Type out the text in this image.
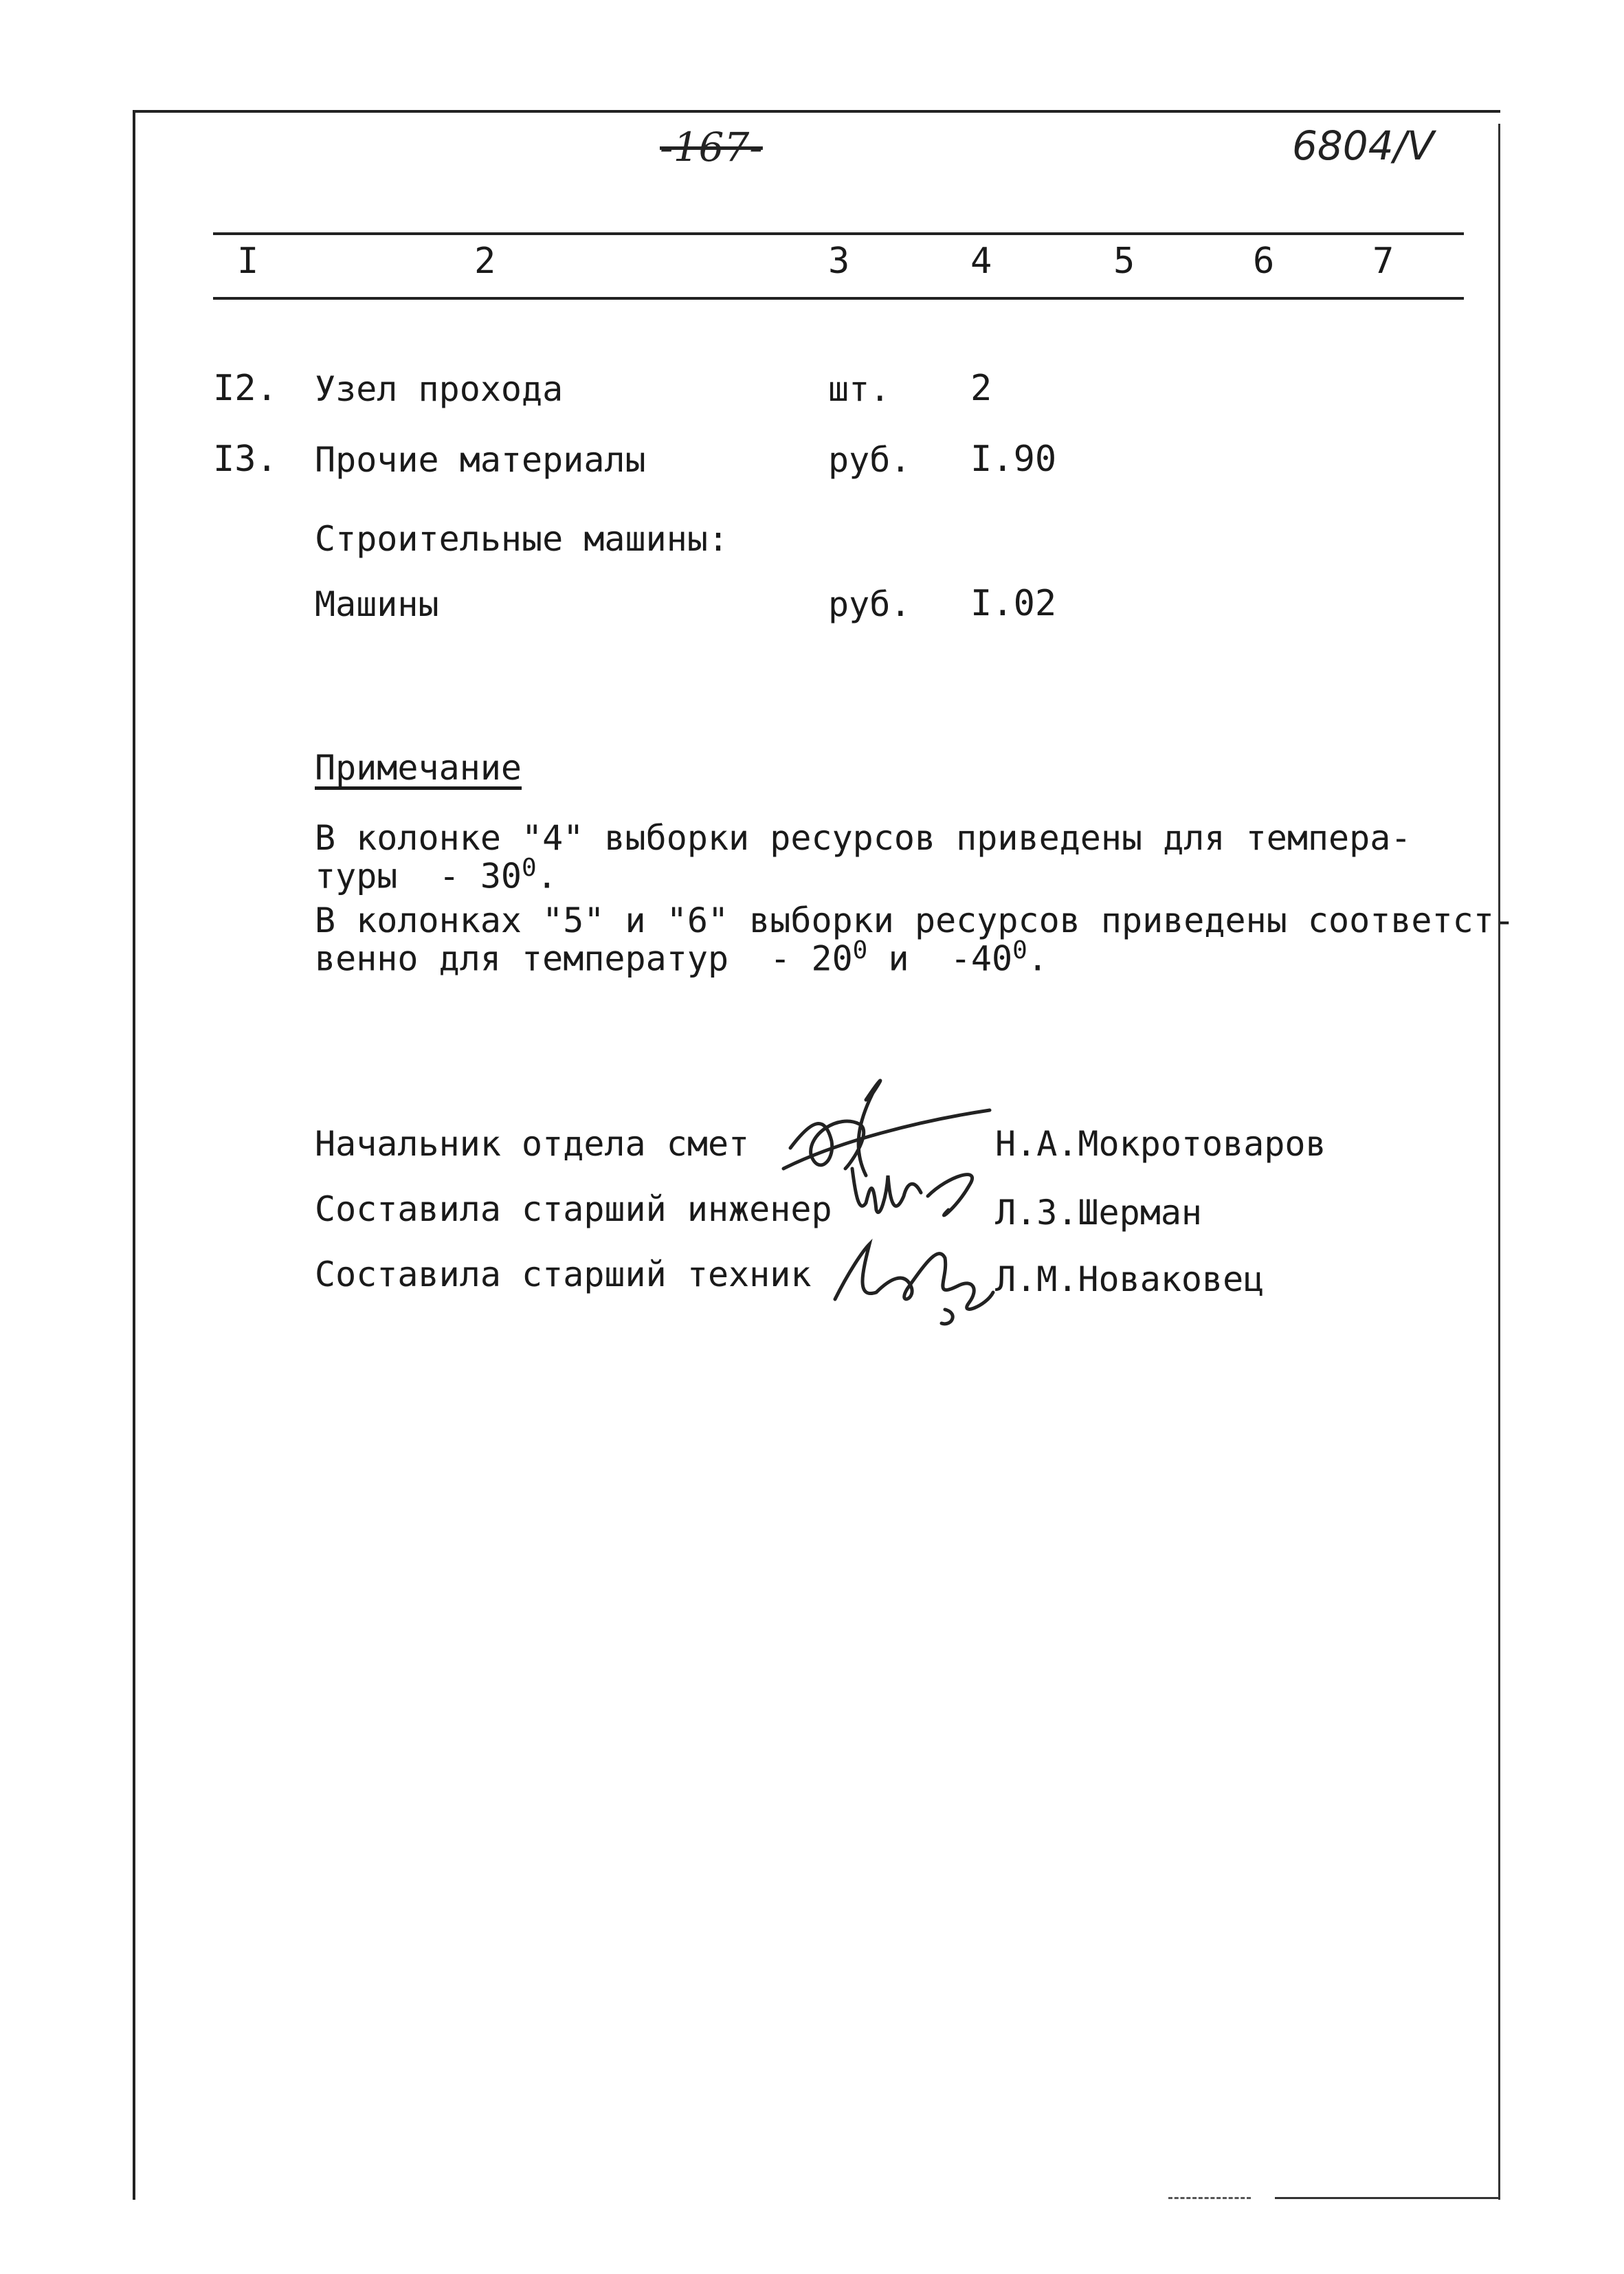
-167-	6804/V
I	2	3	4	5	6	7
I2. Узел прохода	шт. 2
I3. Прочие материалы	руб. I.90
Строительные машины:
Машины	руб. I.02
Примечание
В колонке "4" выборки ресурсов приведены для темпера-
туры  - $30^0$.
В колонках "5" и "6" выборки ресурсов приведены соответст-
венно для температур  - $20^0$ и  $-40^0$.
Начальник отдела смет	Н.А.Мокротоваров
Составила старший инженер	Л.З.Шерман
Составила старший техник	Л.М.Новаковец
